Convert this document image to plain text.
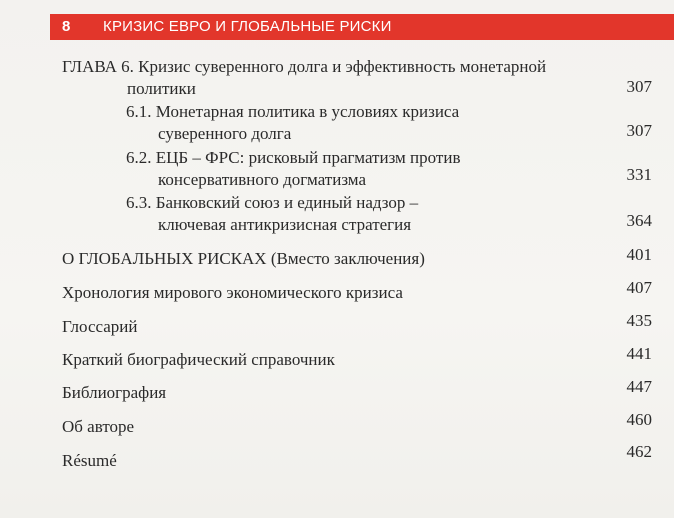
8 КРИЗИС ЕВРО И ГЛОБАЛЬНЫЕ РИСКИ
ГЛАВА 6. Кризис суверенного долга и эффективность монетарной
политики	307
6.1. Монетарная политика в условиях кризиса
суверенного долга	307
6.2. ЕЦБ – ФРС: рисковый прагматизм против
консервативного догматизма	331
6.3. Банковский союз и единый надзор –
ключевая антикризисная стратегия	364
О ГЛОБАЛЬНЫХ РИСКАХ (Вместо заключения)	401
Хронология мирового экономического кризиса	407
Глоссарий	435
Краткий биографический справочник	441
Библиография	447
Об авторе	460
Résumé	462
